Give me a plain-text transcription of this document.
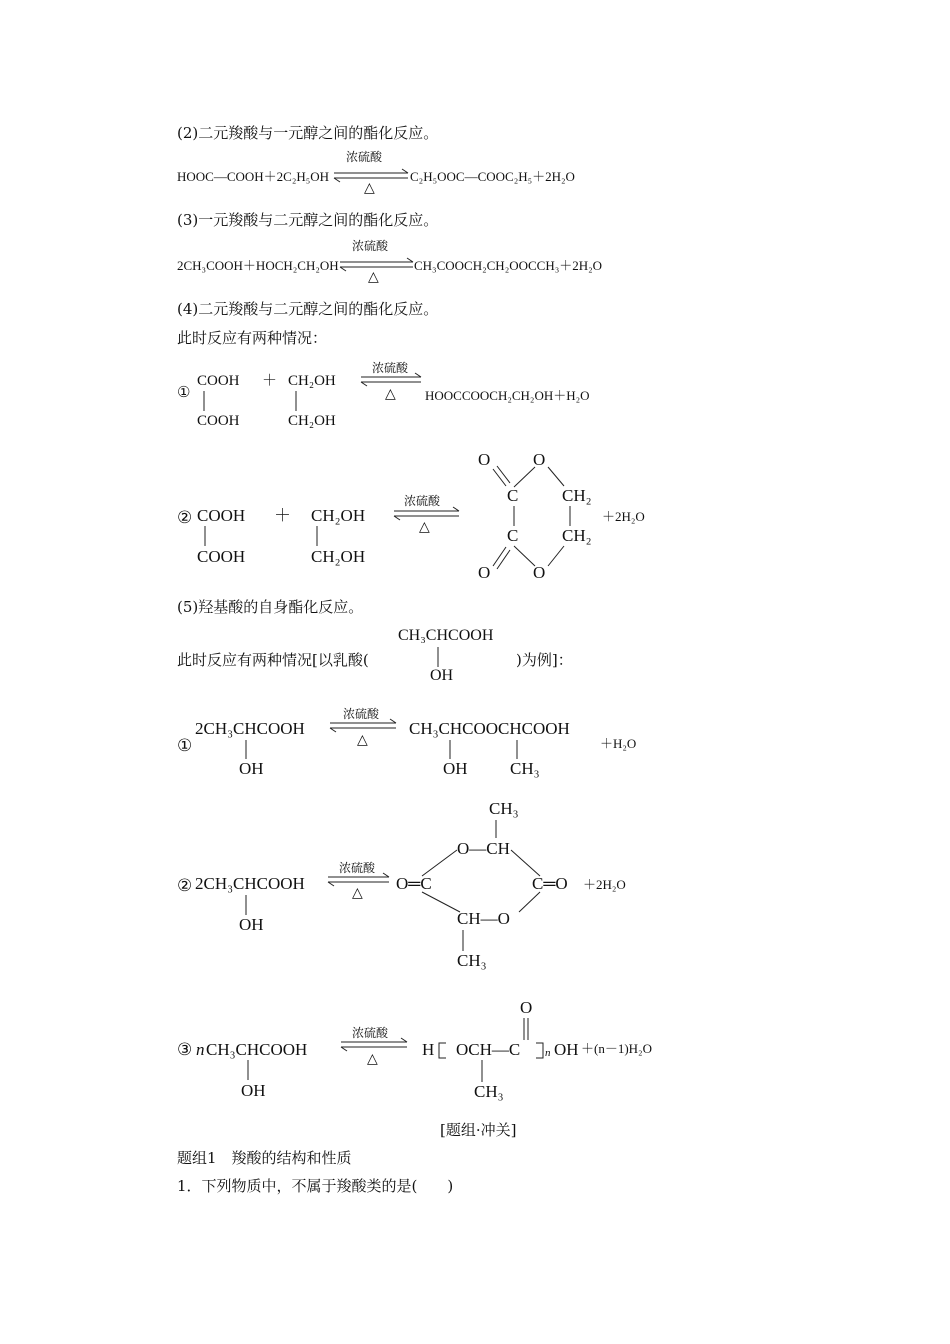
(2)二元羧酸与一元醇之间的酯化反应。
HOOC—COOH＋2C₂H₅OH
浓硫酸
△
C₂H₅OOC—COOC₂H₅＋2H₂O
(3)一元羧酸与二元醇之间的酯化反应。
2CH₃COOH＋HOCH₂CH₂OH
浓硫酸
△
CH₃COOCH₂CH₂OOCCH₃＋2H₂O
(4)二元羧酸与二元醇之间的酯化反应。
此时反应有两种情况：
①
COOH
COOH
＋ CH₂OH
CH₂OH
浓硫酸
△ HOOCCOOCH₂CH₂OH＋H₂O
② COOH
COOH
＋ CH₂OH
CH₂OH
浓硫酸
△
O	O
C	CH₂
C	CH₂
O	O
＋2H₂O
(5)羟基酸的自身酯化反应。
CH₃CHCOOH
此时反应有两种情况[以乳酸(	)为例]：
OH
①
2CH₃CHCOOH
OH
浓硫酸
△
CH₃CHCOOCHCOOH
OH CH₃
＋H₂O
② 2CH₃CHCOOH
OH
浓硫酸
△
CH₃
O—CH
O═C	C═O
CH—O
CH₃
＋2H₂O
③ n CH₃CHCOOH
OH
浓硫酸
△	H OCH—C
O
CH₃
n OH ＋(n－1)H₂O
[题组·冲关]
题组1　羧酸的结构和性质
1．下列物质中，不属于羧酸类的是(　　)
